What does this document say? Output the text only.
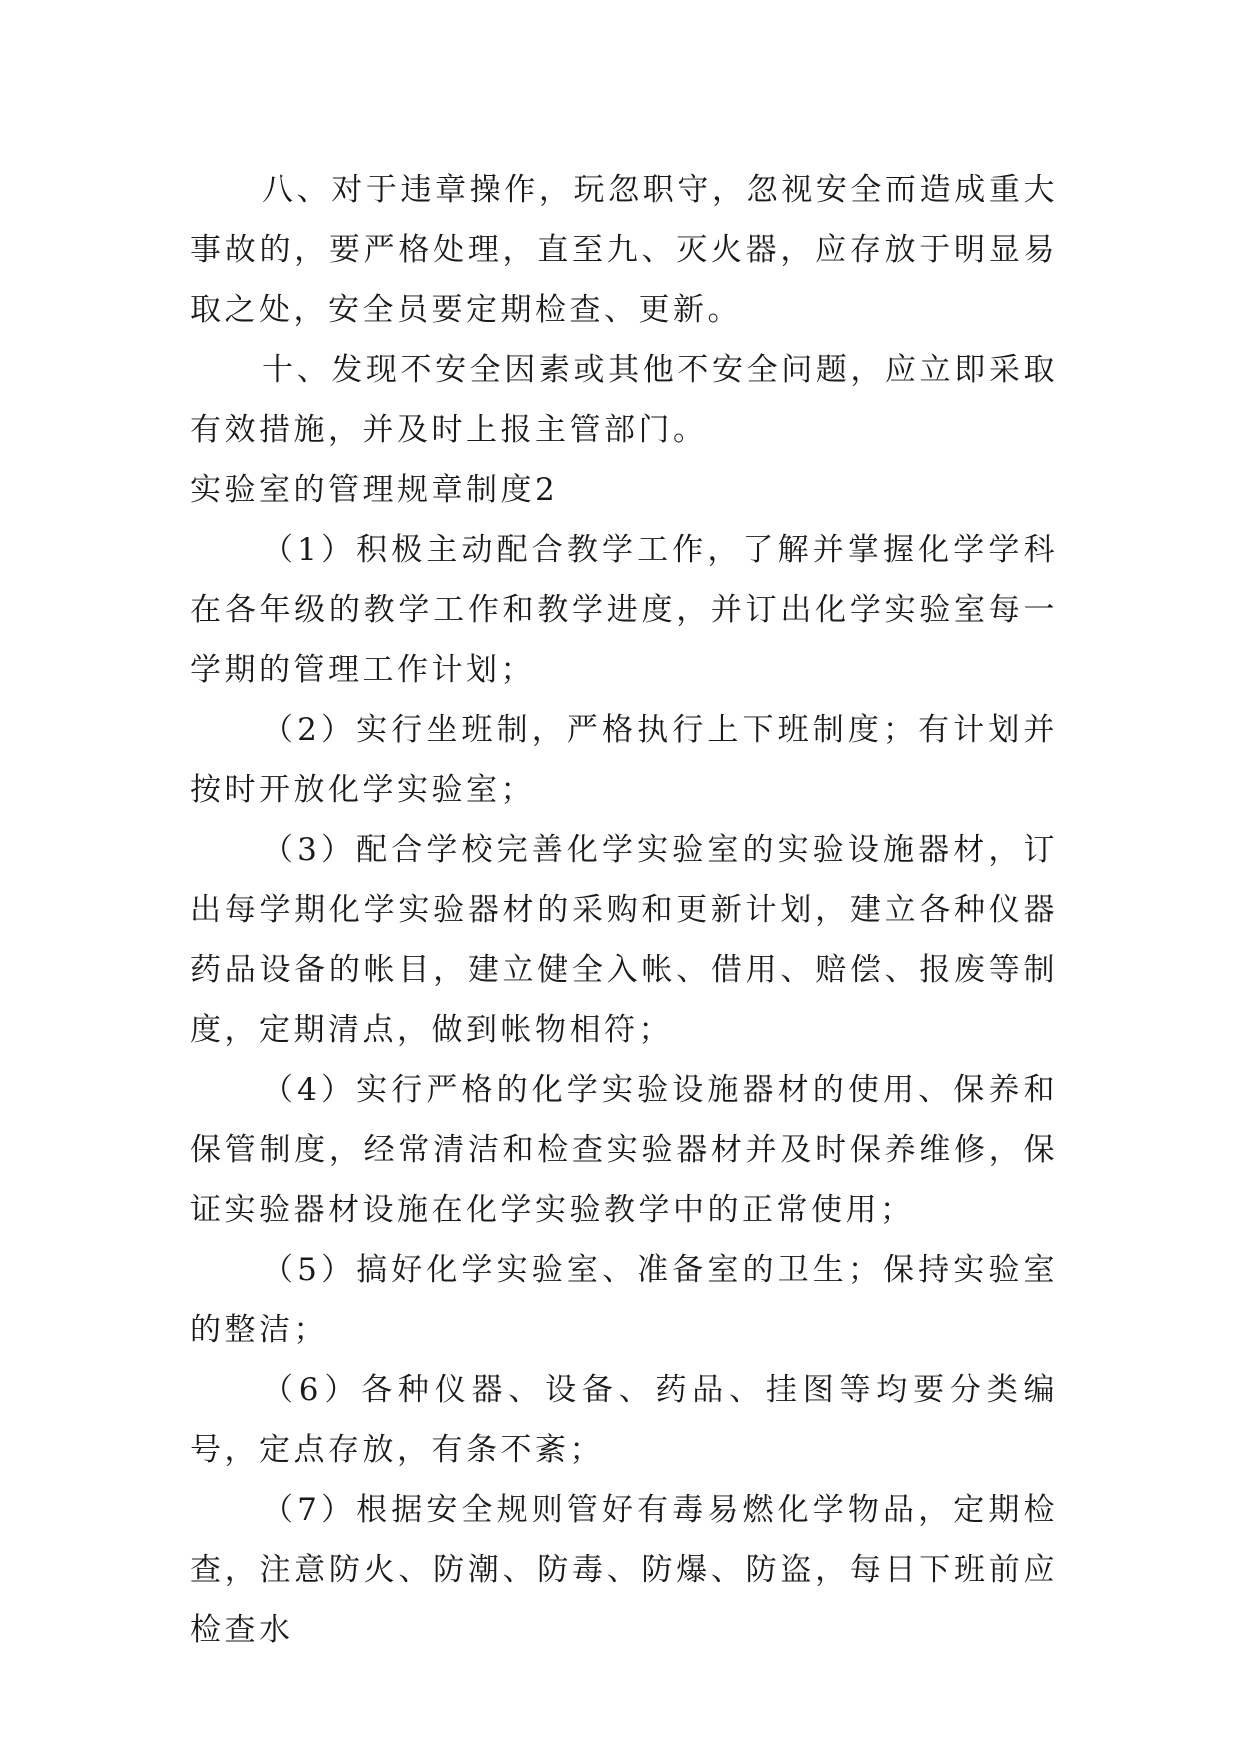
八、对于违章操作，玩忽职守，忽视安全而造成重大事故的，要严格处理，直至九、灭火器，应存放于明显易取之处，安全员要定期检查、更新。

十、发现不安全因素或其他不安全问题，应立即采取有效措施，并及时上报主管部门。

实验室的管理规章制度2

（1）积极主动配合教学工作，了解并掌握化学学科在各年级的教学工作和教学进度，并订出化学实验室每一学期的管理工作计划；

（2）实行坐班制，严格执行上下班制度；有计划并按时开放化学实验室；

（3）配合学校完善化学实验室的实验设施器材，订出每学期化学实验器材的采购和更新计划，建立各种仪器药品设备的帐目，建立健全入帐、借用、赔偿、报废等制度，定期清点，做到帐物相符；

（4）实行严格的化学实验设施器材的使用、保养和保管制度，经常清洁和检查实验器材并及时保养维修，保证实验器材设施在化学实验教学中的正常使用；

（5）搞好化学实验室、准备室的卫生；保持实验室的整洁；

（6）各种仪器、设备、药品、挂图等均要分类编号，定点存放，有条不紊；

（7）根据安全规则管好有毒易燃化学物品，定期检查，注意防火、防潮、防毒、防爆、防盗，每日下班前应检查水
